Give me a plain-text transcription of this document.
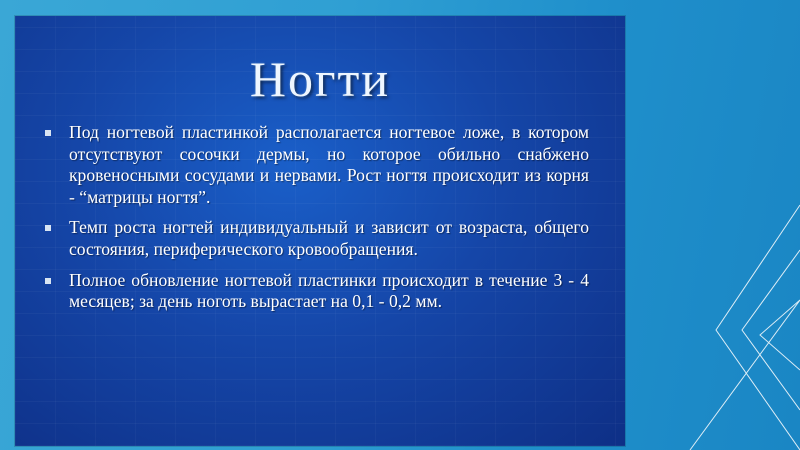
Ногти
Под ногтевой пластинкой располагается ногтевое ложе, в котором отсутствуют сосочки дермы, но которое обильно снабжено кровеносными сосудами и нервами. Рост ногтя происходит из корня - “матрицы ногтя”.
Темп роста ногтей индивидуальный и зависит от возраста, общего состояния, периферического кровообращения.
Полное обновление ногтевой пластинки происходит в течение 3 - 4 месяцев; за день ноготь вырастает на 0,1 - 0,2 мм.
